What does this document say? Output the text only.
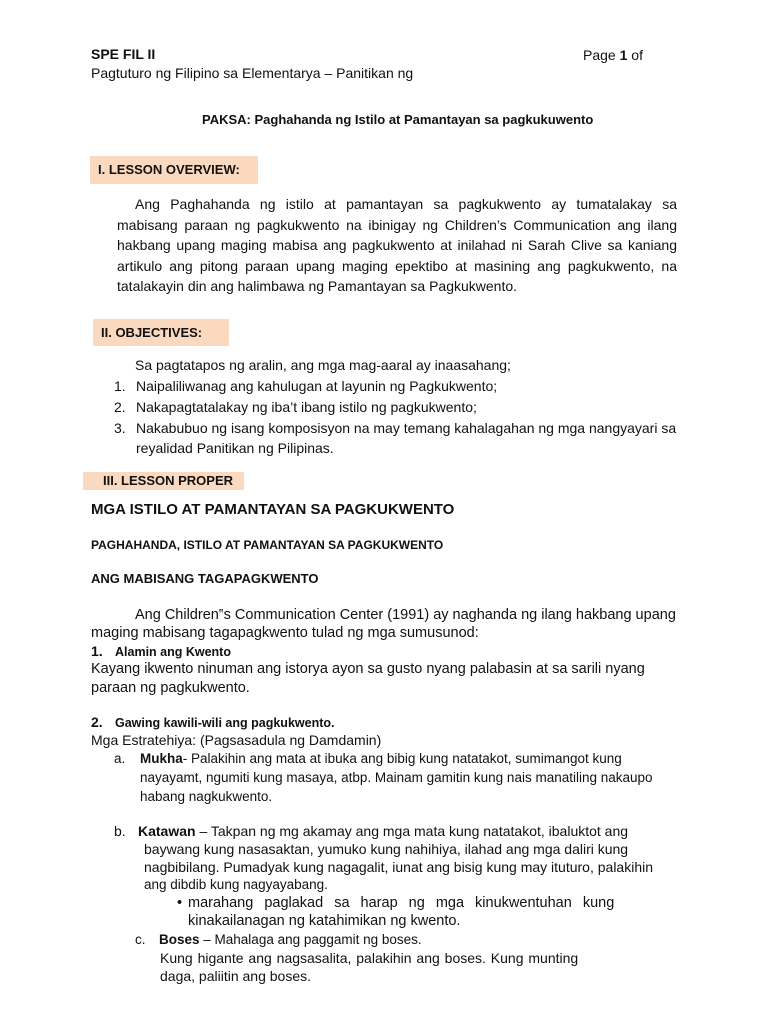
SPE FIL II	Page 1 of
Pagtuturo ng Filipino sa Elementarya – Panitikan ng
PAKSA: Paghahanda ng Istilo at Pamantayan sa pagkukuwento
I. LESSON OVERVIEW:
Ang Paghahanda ng istilo at pamantayan sa pagkukwento ay tumatalakay sa mabisang paraan ng pagkukwento na ibinigay ng Children’s Communication ang ilang hakbang upang maging mabisa ang pagkukwento at inilahad ni Sarah Clive sa kaniang artikulo ang pitong paraan upang maging epektibo at masining ang pagkukwento, na tatalakayin din ang halimbawa ng Pamantayan sa Pagkukwento.
II. OBJECTIVES:
Sa pagtatapos ng aralin, ang mga mag-aaral ay inaasahang;
1. Naipaliliwanag ang kahulugan at layunin ng Pagkukwento;
2. Nakapagtatalakay ng iba’t ibang istilo ng pagkukwento;
3. Nakabubuo ng isang komposisyon na may temang kahalagahan ng mga nangyayari sa
reyalidad Panitikan ng Pilipinas.
III. LESSON PROPER
MGA ISTILO AT PAMANTAYAN SA PAGKUKWENTO
PAGHAHANDA, ISTILO AT PAMANTAYAN SA PAGKUKWENTO
ANG MABISANG TAGAPAGKWENTO
Ang Children‟s Communication Center (1991) ay naghanda ng ilang hakbang upang
maging mabisang tagapagkwento tulad ng mga sumusunod:
1. Alamin ang Kwento
Kayang ikwento ninuman ang istorya ayon sa gusto nyang palabasin at sa sarili nyang
paraan ng pagkukwento.
2. Gawing kawili-wili ang pagkukwento.
Mga Estratehiya: (Pagsasadula ng Damdamin)
a. Mukha- Palakihin ang mata at ibuka ang bibig kung natatakot, sumimangot kung
nayayamt, ngumiti kung masaya, atbp. Mainam gamitin kung nais manatiling nakaupo
habang nagkukwento.
b. Katawan – Takpan ng mg akamay ang mga mata kung natatakot, ibaluktot ang
baywang kung nasasaktan, yumuko kung nahihiya, ilahad ang mga daliri kung
nagbibilang. Pumadyak kung nagagalit, iunat ang bisig kung may ituturo, palakihin
ang dibdib kung nagyayabang.
• marahang paglakad sa harap ng mga kinukwentuhan kung
kinakailanagan ng katahimikan ng kwento.
c. Boses – Mahalaga ang paggamit ng boses.
Kung higante ang nagsasalita, palakihin ang boses. Kung munting
daga, paliitin ang boses.
